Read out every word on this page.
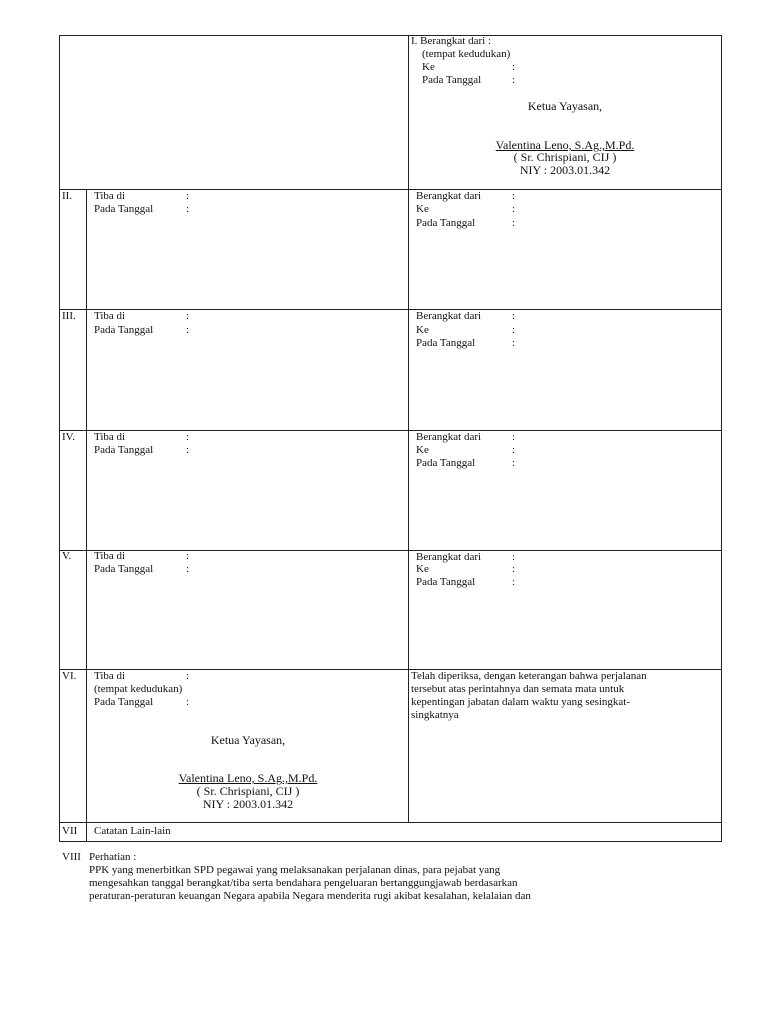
I. Berangkat dari :
(tempat kedudukan)
Ke	:
Pada Tanggal	:
Ketua Yayasan,
Valentina Leno, S.Ag.,M.Pd.
( Sr. Chrispiani, CIJ )
NIY : 2003.01.342
II. Tiba di	:
Pada Tanggal	:
Berangkat dari	:
Ke	:
Pada Tanggal	:
III. Tiba di	:
Pada Tanggal	:
Berangkat dari	:
Ke	:
Pada Tanggal	:
IV. Tiba di	:
Pada Tanggal	:
Berangkat dari	:
Ke	:
Pada Tanggal	:
V. Tiba di	:
Pada Tanggal	:
Berangkat dari	:
Ke	:
Pada Tanggal	:
VI. Tiba di	:
(tempat kedudukan)
Pada Tanggal	:
Ketua Yayasan,
Valentina Leno, S.Ag.,M.Pd.
( Sr. Chrispiani, CIJ )
NIY : 2003.01.342
Telah diperiksa, dengan keterangan bahwa perjalanan
tersebut atas perintahnya dan semata mata untuk
kepentingan jabatan dalam waktu yang sesingkat-
singkatnya
VII Catatan Lain-lain
VIII Perhatian :
PPK yang menerbitkan SPD pegawai yang melaksanakan perjalanan dinas, para pejabat yang
mengesahkan tanggal berangkat/tiba serta bendahara pengeluaran bertanggungjawab berdasarkan
peraturan-peraturan keuangan Negara apabila Negara menderita rugi akibat kesalahan, kelalaian dan
